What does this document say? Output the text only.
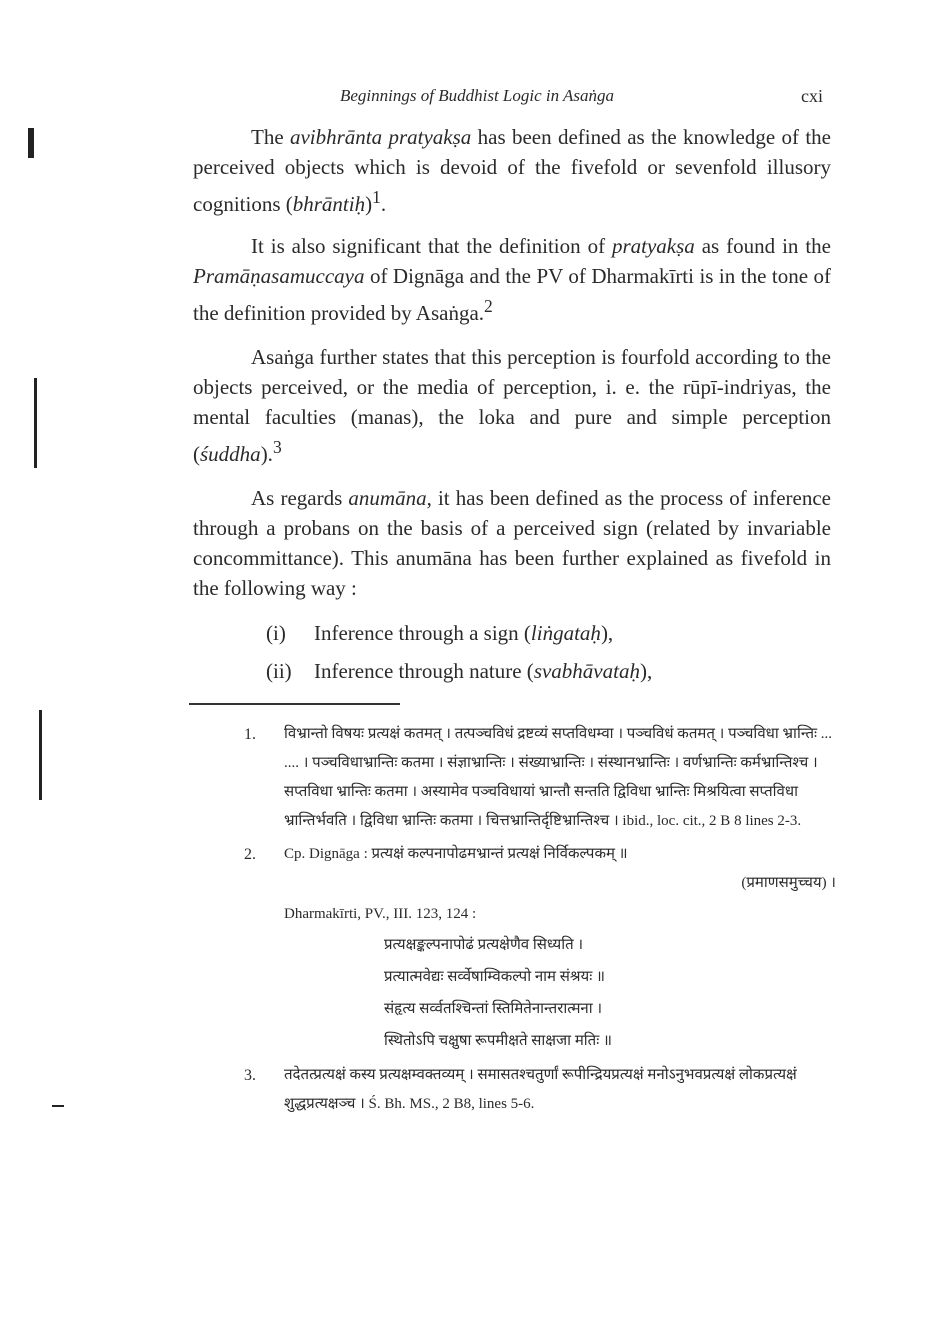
Beginnings of Buddhist Logic in Asaṅga	cxi

The avibhrānta pratyakṣa has been defined as the knowledge of the perceived objects which is devoid of the fivefold or sevenfold illusory cognitions (bhrāntiḥ)$^1$.

It is also significant that the definition of pratyakṣa as found in the Pramāṇasamuccaya of Dignāga and the PV of Dharmakīrti is in the tone of the definition provided by Asaṅga.$^2$

Asaṅga further states that this perception is fourfold according to the objects perceived, or the media of perception, i. e. the rūpī-indriyas, the mental faculties (manas), the loka and pure and simple perception (śuddha).$^3$

As regards anumāna, it has been defined as the process of inference through a probans on the basis of a perceived sign (related by invariable concommittance). This anumāna has been further explained as fivefold in the following way :

(i)	Inference through a sign (liṅgataḥ),
(ii)	Inference through nature (svabhāvataḥ),
1. विभ्रान्तो विषयः प्रत्यक्षं कतमत् । तत्पञ्चविधं द्रष्टव्यं सप्तविधम्वा । पञ्चविधं कतमत् । पञ्चविधा भ्रान्तिः ... .... । पञ्चविधाभ्रान्तिः कतमा । संज्ञाभ्रान्तिः । संख्याभ्रान्तिः । संस्थानभ्रान्तिः । वर्णभ्रान्तिः कर्मभ्रान्तिश्च । सप्तविधा भ्रान्तिः कतमा । अस्यामेव पञ्चविधायां भ्रान्तौ सन्तति द्विविधा भ्रान्तिः मिश्रयित्वा सप्तविधा भ्रान्तिर्भवति । द्विविधा भ्रान्तिः कतमा । चित्तभ्रान्तिर्दृष्टिभ्रान्तिश्च । ibid., loc. cit., 2 B 8 lines 2-3.
2. Cp. Dignāga : प्रत्यक्षं कल्पनापोढमभ्रान्तं प्रत्यक्षं निर्विकल्पकम् ॥
(प्रमाणसमुच्चय) ।
Dharmakīrti, PV., III. 123, 124 :
प्रत्यक्षङ्कल्पनापोढं प्रत्यक्षेणैव सिध्यति ।
प्रत्यात्मवेद्यः सर्व्वेषाम्विकल्पो नाम संश्रयः ॥
संहृत्य सर्व्वतश्चिन्तां स्तिमितेनान्तरात्मना ।
स्थितोऽपि चक्षुषा रूपमीक्षते साक्षजा मतिः ॥
3. तदेतत्प्रत्यक्षं कस्य प्रत्यक्षम्वक्तव्यम् । समासतश्चतुर्णां रूपीन्द्रियप्रत्यक्षं मनोऽनुभवप्रत्यक्षं लोकप्रत्यक्षं शुद्धप्रत्यक्षञ्च । Ś. Bh. MS., 2 B8, lines 5-6.
